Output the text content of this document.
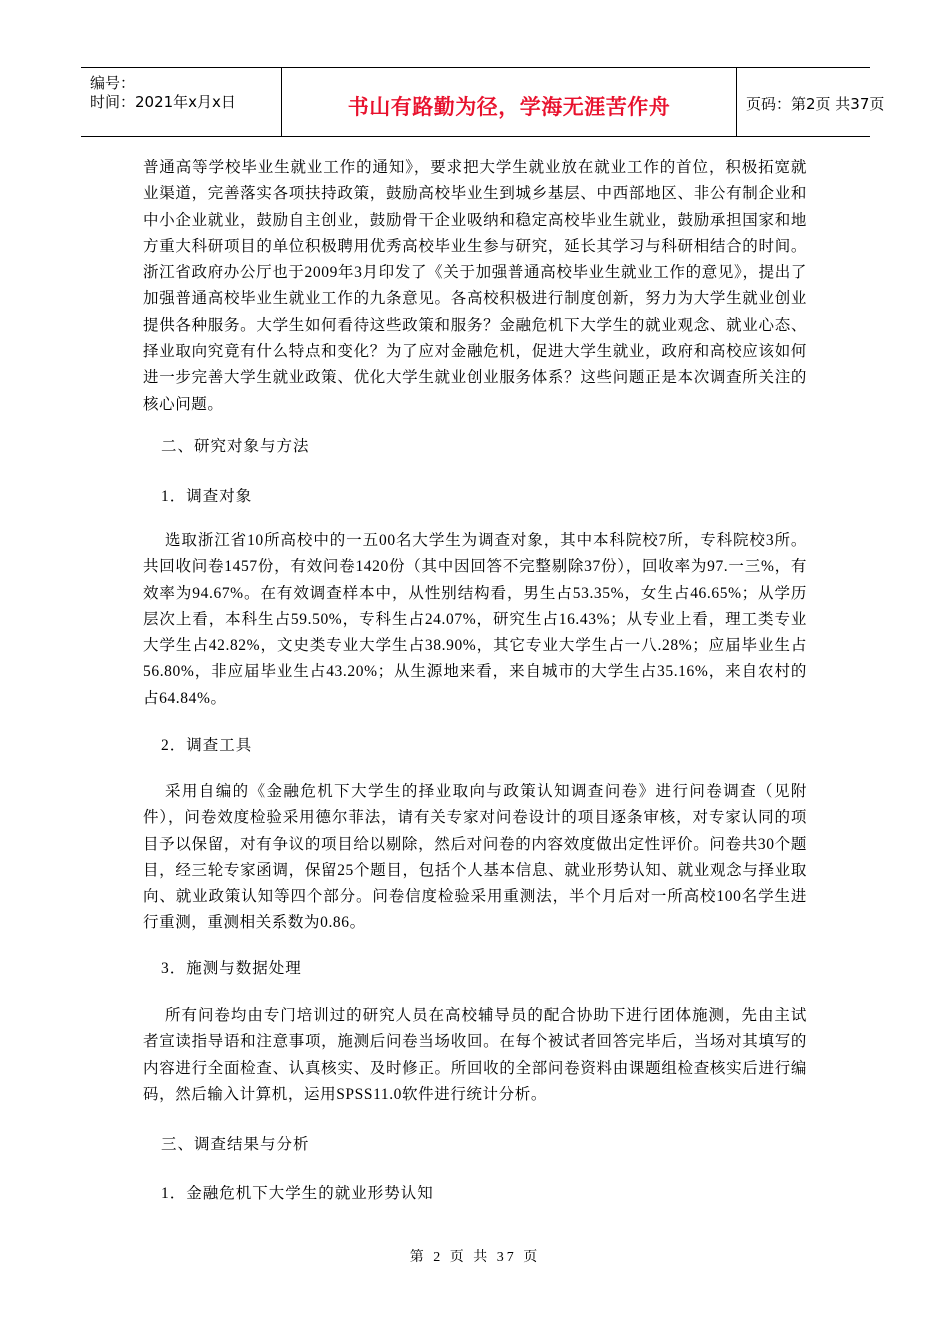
编号：
时间：2021年x月x日	书山有路勤为径，学海无涯苦作舟	页码：第2页 共37页

普通高等学校毕业生就业工作的通知》，要求把大学生就业放在就业工作的首位，积极拓宽就业渠道，完善落实各项扶持政策，鼓励高校毕业生到城乡基层、中西部地区、非公有制企业和中小企业就业，鼓励自主创业，鼓励骨干企业吸纳和稳定高校毕业生就业，鼓励承担国家和地方重大科研项目的单位积极聘用优秀高校毕业生参与研究，延长其学习与科研相结合的时间。浙江省政府办公厅也于2009年3月印发了《关于加强普通高校毕业生就业工作的意见》，提出了加强普通高校毕业生就业工作的九条意见。各高校积极进行制度创新，努力为大学生就业创业提供各种服务。大学生如何看待这些政策和服务？金融危机下大学生的就业观念、就业心态、择业取向究竟有什么特点和变化？为了应对金融危机，促进大学生就业，政府和高校应该如何进一步完善大学生就业政策、优化大学生就业创业服务体系？这些问题正是本次调查所关注的核心问题。

二、研究对象与方法
1．调查对象

选取浙江省10所高校中的一五00名大学生为调查对象，其中本科院校7所，专科院校3所。共回收问卷1457份，有效问卷1420份（其中因回答不完整剔除37份），回收率为97.一三%，有效率为94.67%。在有效调查样本中，从性别结构看，男生占53.35%，女生占46.65%；从学历层次上看，本科生占59.50%，专科生占24.07%，研究生占16.43%；从专业上看，理工类专业大学生占42.82%，文史类专业大学生占38.90%，其它专业大学生占一八.28%；应届毕业生占56.80%，非应届毕业生占43.20%；从生源地来看，来自城市的大学生占35.16%，来自农村的占64.84%。

2．调查工具

采用自编的《金融危机下大学生的择业取向与政策认知调查问卷》进行问卷调查（见附件），问卷效度检验采用德尔菲法，请有关专家对问卷设计的项目逐条审核，对专家认同的项目予以保留，对有争议的项目给以剔除，然后对问卷的内容效度做出定性评价。问卷共30个题目，经三轮专家函调，保留25个题目，包括个人基本信息、就业形势认知、就业观念与择业取向、就业政策认知等四个部分。问卷信度检验采用重测法，半个月后对一所高校100名学生进行重测，重测相关系数为0.86。

3．施测与数据处理

所有问卷均由专门培训过的研究人员在高校辅导员的配合协助下进行团体施测，先由主试者宣读指导语和注意事项，施测后问卷当场收回。在每个被试者回答完毕后，当场对其填写的内容进行全面检查、认真核实、及时修正。所回收的全部问卷资料由课题组检查核实后进行编码，然后输入计算机，运用SPSS11.0软件进行统计分析。

三、调查结果与分析
1．金融危机下大学生的就业形势认知
第 2 页 共 37 页
